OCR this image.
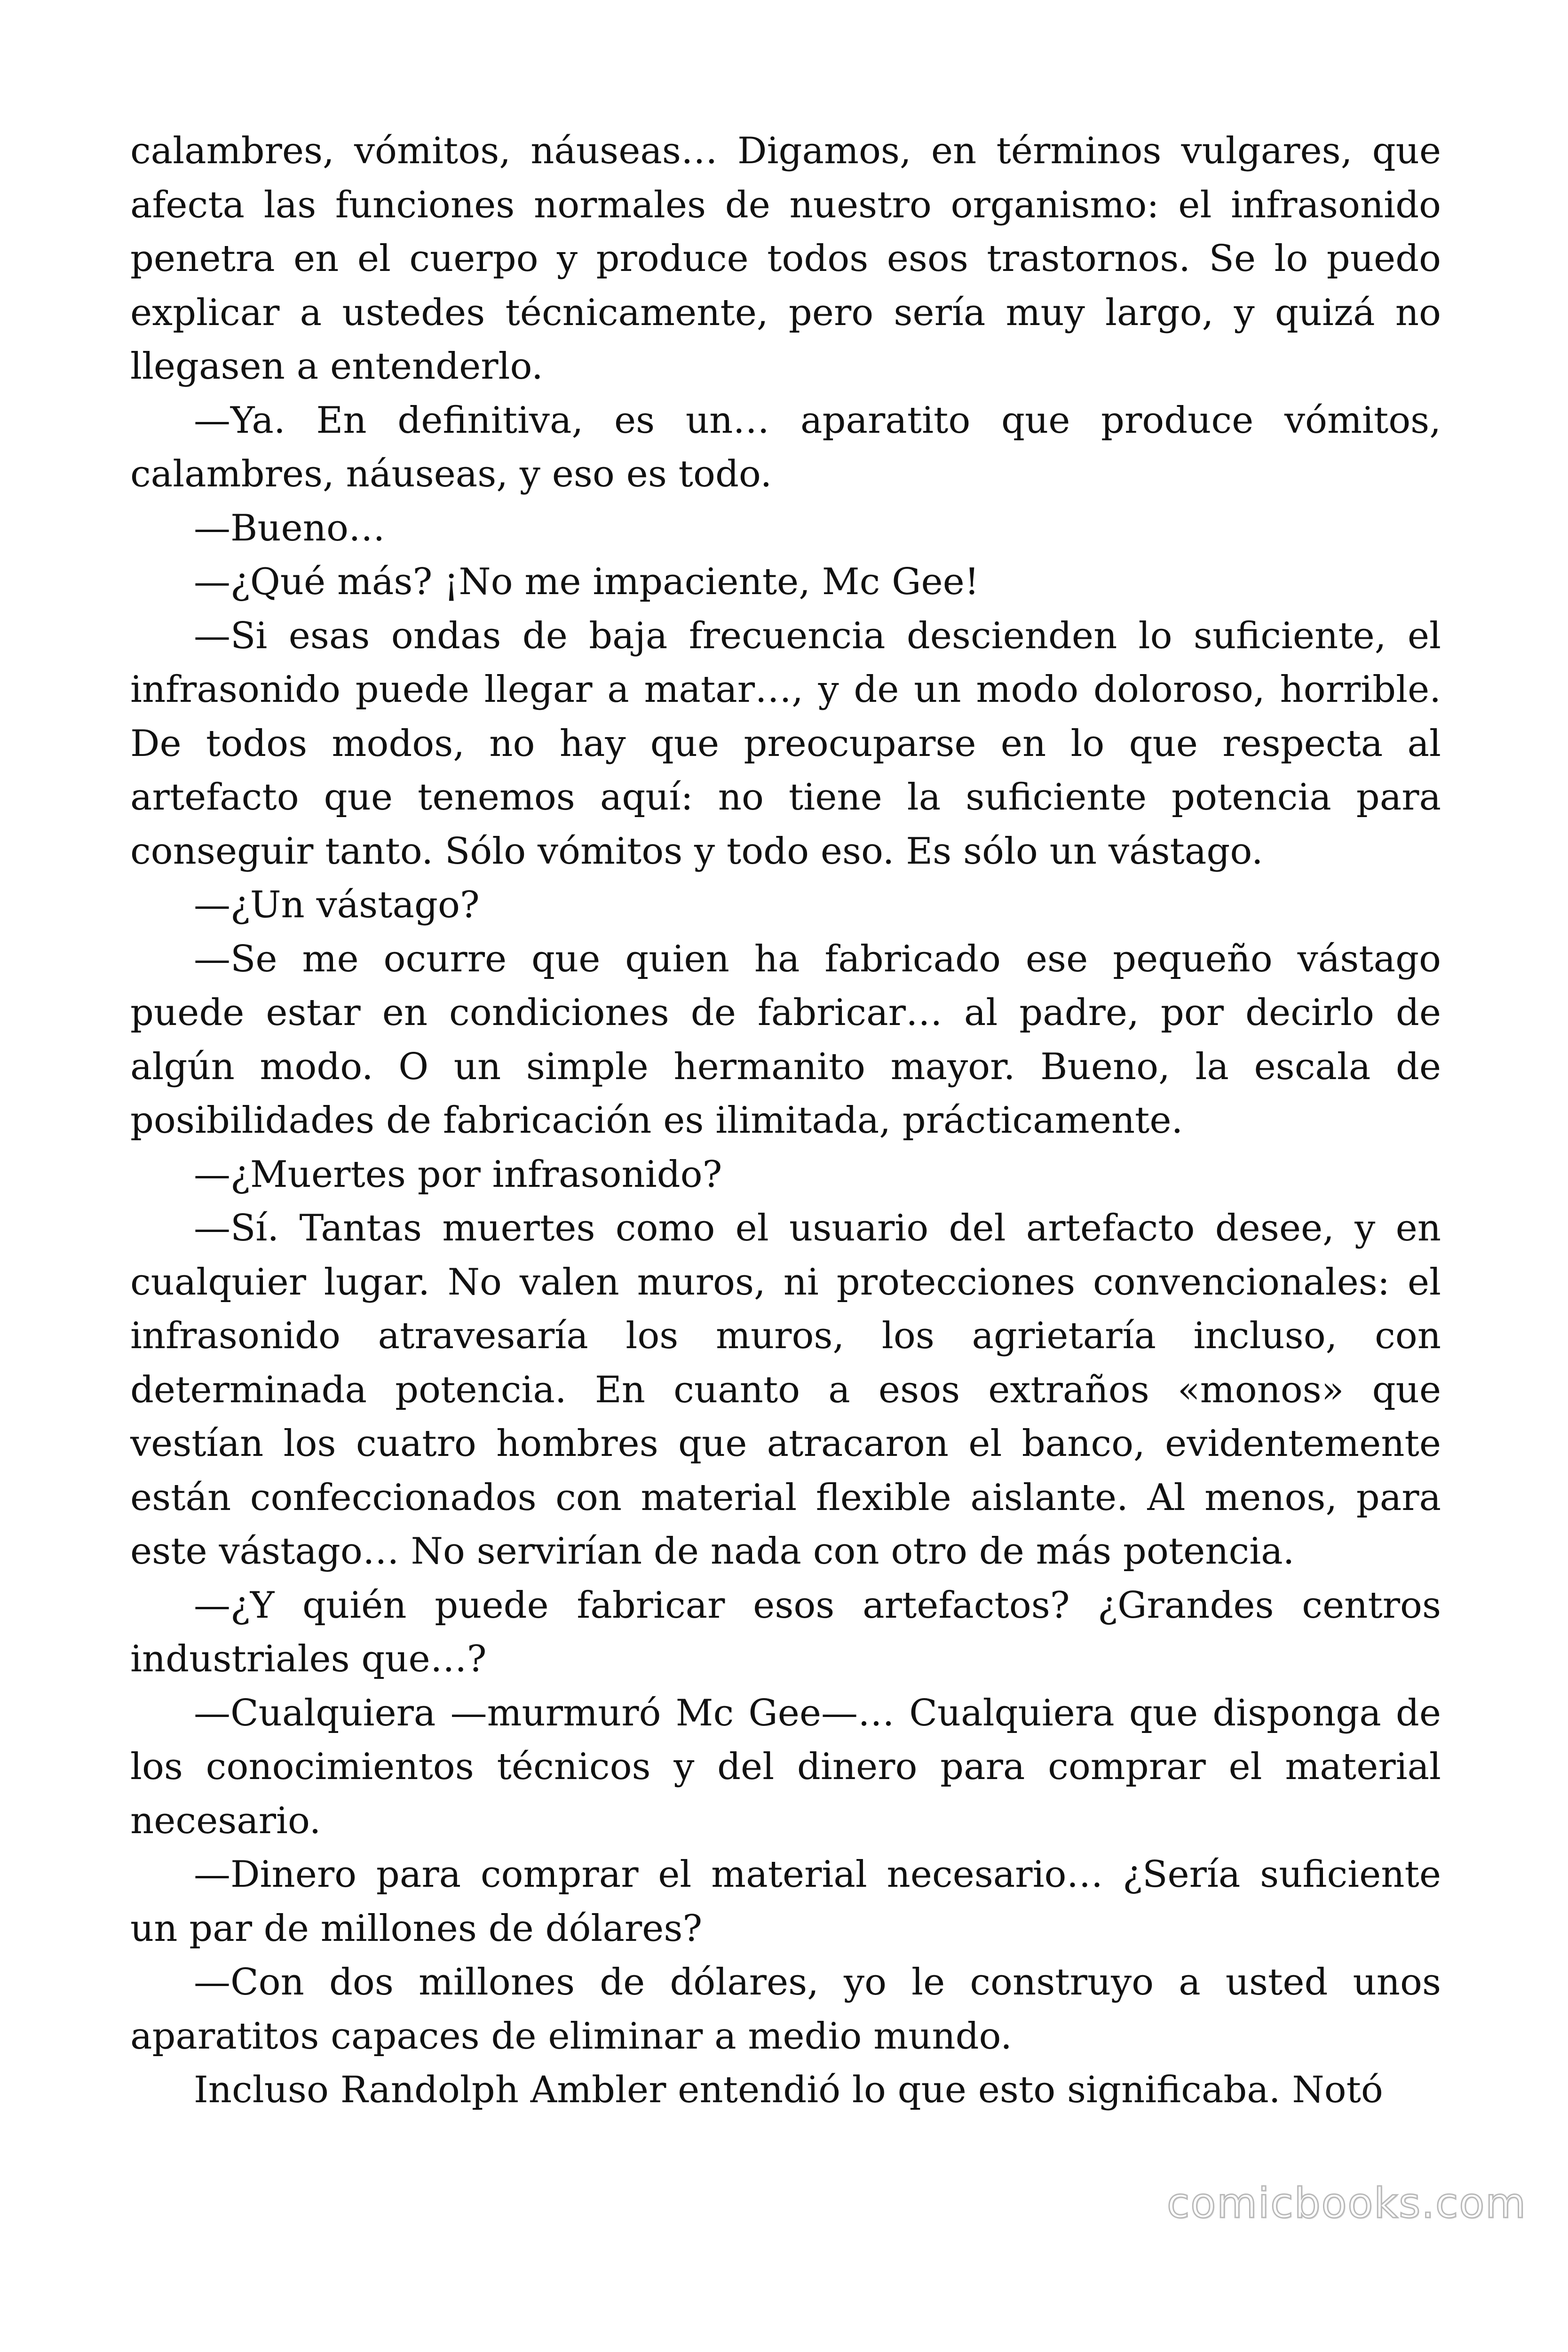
calambres, vómitos, náuseas… Digamos, en términos vulgares, que afecta las funciones normales de nuestro organismo: el infrasonido penetra en el cuerpo y produce todos esos trastornos. Se lo puedo explicar a ustedes técnicamente, pero sería muy largo, y quizá no llegasen a entenderlo.

—Ya. En definitiva, es un… aparatito que produce vómitos, calambres, náuseas, y eso es todo.

—Bueno…

—¿Qué más? ¡No me impaciente, Mc Gee!

—Si esas ondas de baja frecuencia descienden lo suficiente, el infrasonido puede llegar a matar…, y de un modo doloroso, horrible. De todos modos, no hay que preocuparse en lo que respecta al artefacto que tenemos aquí: no tiene la suficiente potencia para conseguir tanto. Sólo vómitos y todo eso. Es sólo un vástago.

—¿Un vástago?

—Se me ocurre que quien ha fabricado ese pequeño vástago puede estar en condiciones de fabricar… al padre, por decirlo de algún modo. O un simple hermanito mayor. Bueno, la escala de posibilidades de fabricación es ilimitada, prácticamente.

—¿Muertes por infrasonido?

—Sí. Tantas muertes como el usuario del artefacto desee, y en cualquier lugar. No valen muros, ni protecciones convencionales: el infrasonido atravesaría los muros, los agrietaría incluso, con determinada potencia. En cuanto a esos extraños «monos» que vestían los cuatro hombres que atracaron el banco, evidentemente están confeccionados con material flexible aislante. Al menos, para este vástago… No servirían de nada con otro de más potencia.

—¿Y quién puede fabricar esos artefactos? ¿Grandes centros industriales que…?

—Cualquiera —murmuró Mc Gee—… Cualquiera que disponga de los conocimientos técnicos y del dinero para comprar el material necesario.

—Dinero para comprar el material necesario… ¿Sería suficiente un par de millones de dólares?

—Con dos millones de dólares, yo le construyo a usted unos aparatitos capaces de eliminar a medio mundo.

Incluso Randolph Ambler entendió lo que esto significaba. Notó

comicbooks.com
